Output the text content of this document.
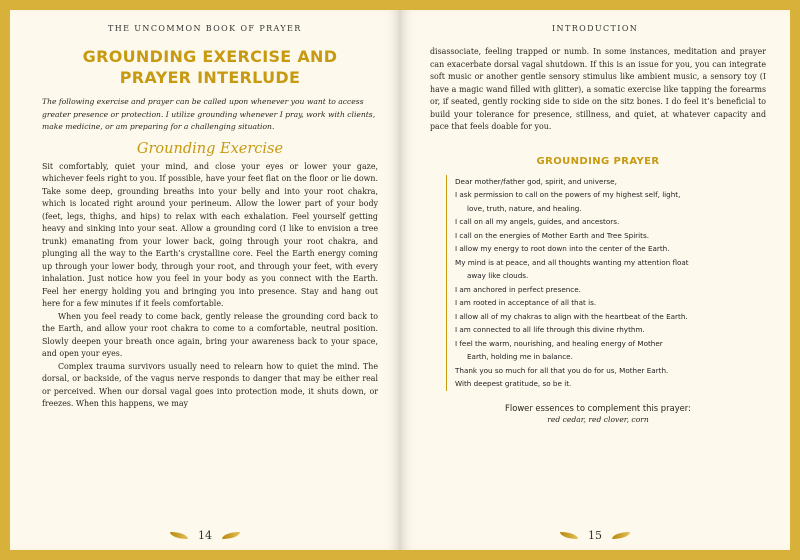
THE UNCOMMON BOOK OF PRAYER
GROUNDING EXERCISE AND
PRAYER INTERLUDE

The following exercise and prayer can be called upon whenever you want to access greater presence or protection. I utilize grounding whenever I pray, work with clients, make medicine, or am preparing for a challenging situation.

Grounding Exercise

Sit comfortably, quiet your mind, and close your eyes or lower your gaze, whichever feels right to you. If possible, have your feet flat on the floor or lie down. Take some deep, grounding breaths into your belly and into your root chakra, which is located right around your perineum. Allow the lower part of your body (feet, legs, thighs, and hips) to relax with each exhalation. Feel yourself getting heavy and sinking into your seat. Allow a grounding cord (I like to envision a tree trunk) emanating from your lower back, going through your root chakra, and plunging all the way to the Earth’s crystalline core. Feel the Earth energy coming up through your lower body, through your root, and through your feet, with every inhalation. Just notice how you feel in your body as you connect with the Earth. Feel her energy holding you and bringing you into presence. Stay and hang out here for a few minutes if it feels comfortable.

When you feel ready to come back, gently release the grounding cord back to the Earth, and allow your root chakra to come to a comfortable, neutral position. Slowly deepen your breath once again, bring your awareness back to your space, and open your eyes.

Complex trauma survivors usually need to relearn how to quiet the mind. The dorsal, or backside, of the vagus nerve responds to danger that may be either real or perceived. When our dorsal vagal goes into protection mode, it shuts down, or freezes. When this happens, we may

14
INTRODUCTION

disassociate, feeling trapped or numb. In some instances, meditation and prayer can exacerbate dorsal vagal shutdown. If this is an issue for you, you can integrate soft music or another gentle sensory stimulus like ambient music, a sensory toy (I have a magic wand filled with glitter), a somatic exercise like tapping the forearms or, if seated, gently rocking side to side on the sitz bones. I do feel it’s beneficial to build your tolerance for presence, stillness, and quiet, at whatever capacity and pace that feels doable for you.

GROUNDING PRAYER
Dear mother/father god, spirit, and universe,
I ask permission to call on the powers of my highest self, light,
love, truth, nature, and healing.
I call on all my angels, guides, and ancestors.
I call on the energies of Mother Earth and Tree Spirits.
I allow my energy to root down into the center of the Earth.
My mind is at peace, and all thoughts wanting my attention float
away like clouds.
I am anchored in perfect presence.
I am rooted in acceptance of all that is.
I allow all of my chakras to align with the heartbeat of the Earth.
I am connected to all life through this divine rhythm.
I feel the warm, nourishing, and healing energy of Mother
Earth, holding me in balance.
Thank you so much for all that you do for us, Mother Earth.
With deepest gratitude, so be it.
Flower essences to complement this prayer:
red cedar, red clover, corn
15
